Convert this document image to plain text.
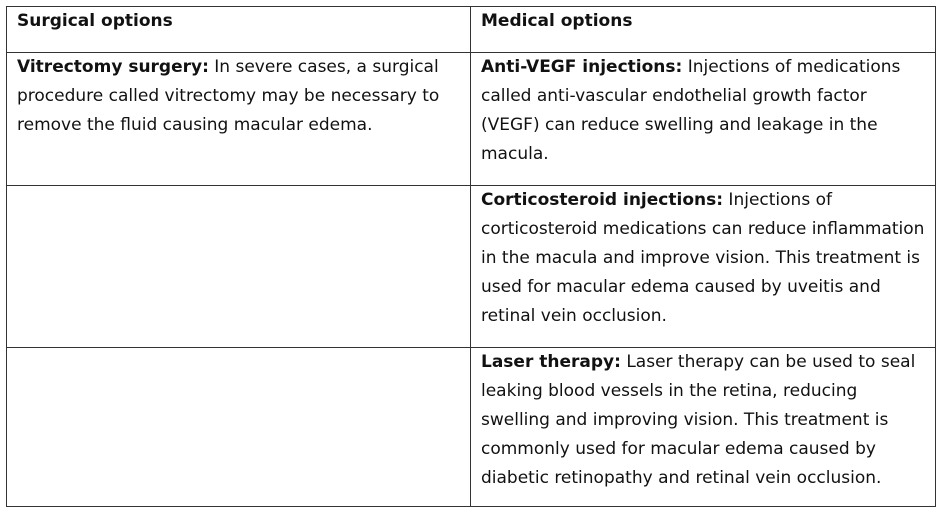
Surgical options	Medical options
Vitrectomy surgery: In severe cases, a surgical procedure called vitrectomy may be necessary to remove the fluid causing macular edema.	Anti-VEGF injections: Injections of medications called anti-vascular endothelial growth factor (VEGF) can reduce swelling and leakage in the macula.
	Corticosteroid injections: Injections of corticosteroid medications can reduce inflammation in the macula and improve vision. This treatment is used for macular edema caused by uveitis and retinal vein occlusion.
	Laser therapy: Laser therapy can be used to seal leaking blood vessels in the retina, reducing swelling and improving vision. This treatment is commonly used for macular edema caused by diabetic retinopathy and retinal vein occlusion.
